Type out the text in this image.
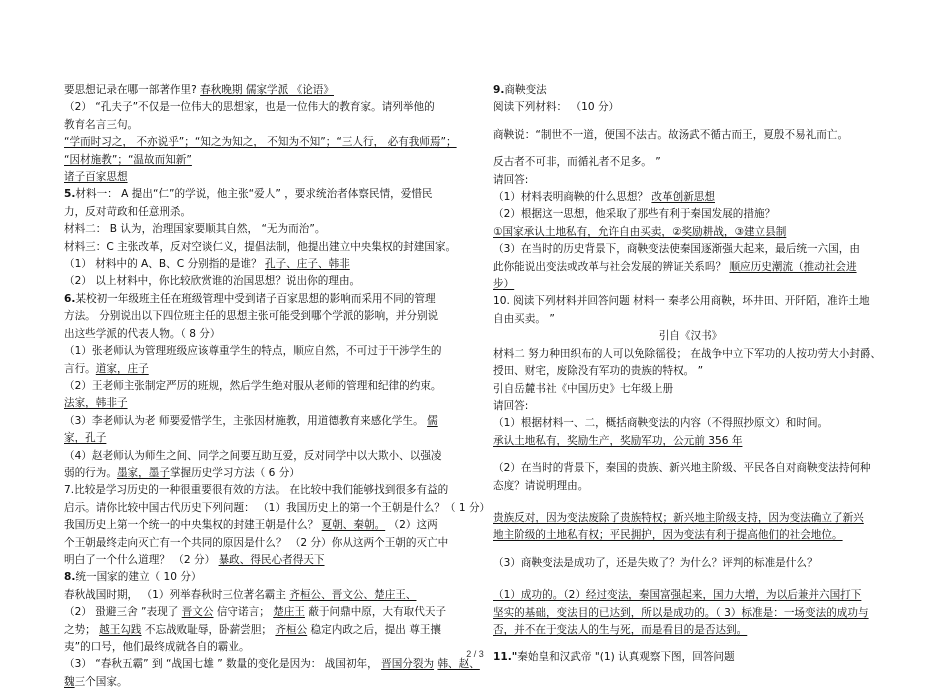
要思想记录在哪一部著作里? 春秋晚期 儒家学派 《论语》
（2） “孔夫子”不仅是一位伟大的思想家，也是一位伟大的教育家。请列举他的
教育名言三句。
“学而时习之， 不亦说乎”；“知之为知之， 不知为不知”；“三人行， 必有我师焉”；
“因材施教”；“温故而知新”
诸子百家思想
5.材料一： A 提出“仁”的学说，他主张“爱人” ，要求统治者体察民情，爱惜民
力，反对苛政和任意刑杀。
材料二： B 认为，治理国家要顺其自然， “无为而治”。
材料三：C 主张改革，反对空谈仁义，提倡法制，他提出建立中央集权的封建国家。
（1） 材料中的 A、B、C 分别指的是谁？ 孔子、庄子、韩非
（2） 以上材料中，你比较欣赏谁的治国思想？说出你的理由。
6.某校初一年级班主任在班级管理中受到诸子百家思想的影响而采用不同的管理
方法。 分别说出以下四位班主任的思想主张可能受到哪个学派的影响，并分别说
出这些学派的代表人物。（ 8 分）
（1）张老师认为管理班级应该尊重学生的特点，顺应自然，不可过于干涉学生的
言行。道家，庄子
（2）王老师主张制定严厉的班规，然后学生绝对服从老师的管理和纪律的约束。
法家，韩非子
（3）李老师认为老 师要爱惜学生，主张因材施教，用道德教育来感化学生。 儒
家，孔子
（4）赵老师认为师生之间、同学之间要互助互爱，反对同学中以大欺小、以强凌
弱的行为。墨家，墨子掌握历史学习方法（ 6 分）
7.比较是学习历史的一种很重要很有效的方法。 在比较中我们能够找到很多有益的
启示。请你比较中国古代历史下列问题： （1）我国历史上的第一个王朝是什么？（ 1 分）
我国历史上第一个统一的中央集权的封建王朝是什么？ 夏朝、秦朝。 （2）这两
个王朝最终走向灭亡有一个共同的原因是什么？ （2 分）你从这两个王朝的灭亡中
明白了一个什么道理？ （2 分） 暴政、得民心者得天下
8.统一国家的建立（ 10 分）
春秋战国时期， （1）列举春秋时三位著名霸主 齐桓公、晋文公、楚庄王、
（2） 蛩避三舍 ”表现了 晋文公 信守诺言； 楚庄王 蔽于问鼎中原，大有取代天子
之势； 越王勾践 不忘战败耻辱，卧薪尝胆； 齐桓公 稳定内政之后，提出 尊王攘
夷”的口号，他们最终成就各自的霸业。
（3） “春秋五霸” 到 “战国七雄 ” 数量的变化是因为： 战国初年， 晋国分裂为 韩、赵、
魏三个国家。
9.商鞅变法
阅读下列材料： （10 分）
商鞅说：“制世不一道，便国不法古。故汤武不循古而王，夏殷不易礼而亡。
反古者不可非，而循礼者不足多。 ”
请回答:
（1）材料表明商鞅的什么思想？ 改革创新思想
（2）根据这一思想，他采取了那些有利于秦国发展的措施？
①国家承认土地私有，允许自由买卖，②奖励耕战，③建立县制
（3）在当时的历史背景下，商鞅变法使秦国逐渐强大起来，最后统一六国，由
此你能说出变法或改革与社会发展的辨证关系吗？ 顺应历史潮流（推动社会进
步）
10. 阅读下列材料并回答问题 材料一 秦孝公用商鞅，坏井田、开阡陌，准许土地
自由买卖。 ”
引自《汉书》
材料二 努力种田织布的人可以免除徭役； 在战争中立下军功的人按功劳大小封爵、
授田、财宅，废除没有军功的贵族的特权。 ”
引自岳麓书社《中国历史》七年级上册
请回答:
（1）根据材料一、二，概括商鞅变法的内容（不得照抄原文）和时间。
承认土地私有，奖励生产，奖励军功，公元前 356 年
（2）在当时的背景下，秦国的贵族、新兴地主阶级、平民各自对商鞅变法持何种
态度？请说明理由。
贵族反对，因为变法废除了贵族特权；新兴地主阶级支持，因为变法确立了新兴
地主阶级的土地私有权；平民拥护，因为变法有利于提高他们的社会地位。
（3）商鞅变法是成功了，还是失败了？为什么？评判的标准是什么？
（1）成功的。（2）经过变法，秦国富强起来，国力大增，为以后兼并六国打下
坚实的基础，变法目的已达到，所以是成功的。（ 3）标准是：一场变法的成功与
否，并不在于变法人的生与死，而是看目的是否达到。
11."秦始皇和汉武帝 "(1) 认真观察下图，回答问题
2 / 3
